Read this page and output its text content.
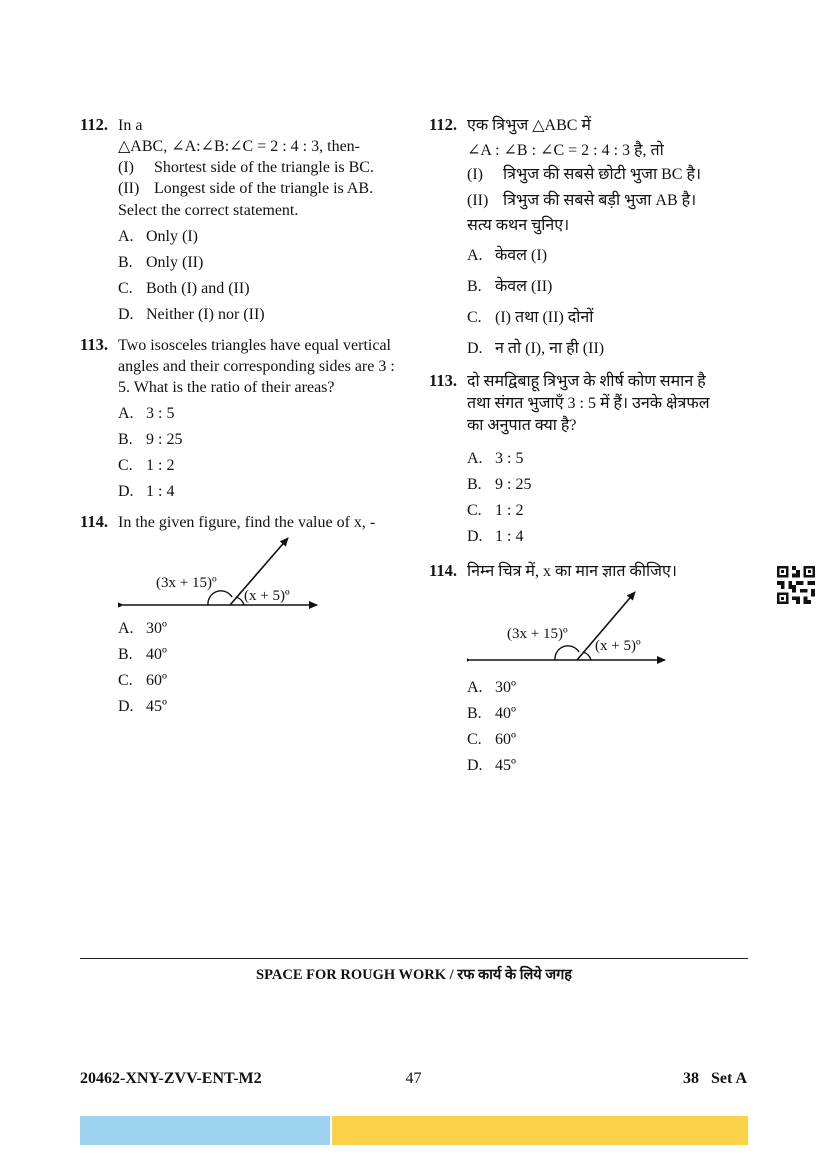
112. In a
△ABC, ∠A:∠B:∠C = 2 : 4 : 3, then-
(I) Shortest side of the triangle is BC.
(II) Longest side of the triangle is AB.
Select the correct statement.
A. Only (I)
B. Only (II)
C. Both (I) and (II)
D. Neither (I) nor (II)
113. Two isosceles triangles have equal vertical angles and their corresponding sides are 3 : 5. What is the ratio of their areas?
A. 3 : 5
B. 9 : 25
C. 1 : 2
D. 1 : 4
114. In the given figure, find the value of x, -
(3x + 15)º
(x + 5)º
A. 30º
B. 40º
C. 60º
D. 45º
112. एक त्रिभुज △ABC में
∠A : ∠B : ∠C = 2 : 4 : 3 है, तो
(I) त्रिभुज की सबसे छोटी भुजा BC है।
(II) त्रिभुज की सबसे बड़ी भुजा AB है।
सत्य कथन चुनिए।
A. केवल (I)
B. केवल (II)
C. (I) तथा (II) दोनों
D. न तो (I), ना ही (II)
113. दो समद्विबाहू त्रिभुज के शीर्ष कोण समान है तथा संगत भुजाएँ 3 : 5 में हैं। उनके क्षेत्रफल का अनुपात क्या है?
A. 3 : 5
B. 9 : 25
C. 1 : 2
D. 1 : 4
114. निम्न चित्र में, x का मान ज्ञात कीजिए।
(3x + 15)º
(x + 5)º
A. 30º
B. 40º
C. 60º
D. 45º
SPACE FOR ROUGH WORK / रफ कार्य के लिये जगह
20462-XNY-ZVV-ENT-M2	47	38   Set A
